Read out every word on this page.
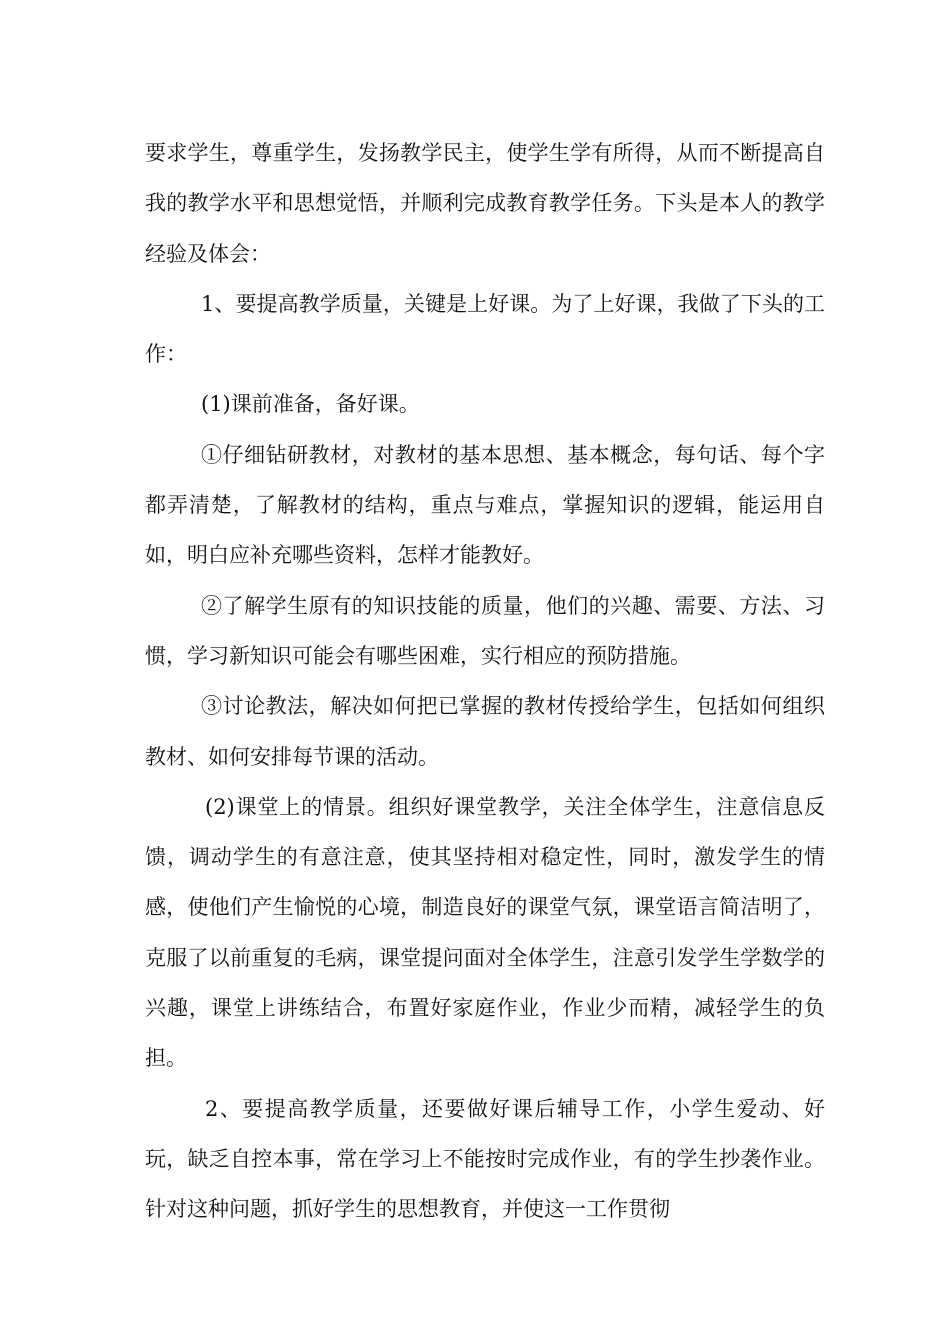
要求学生，尊重学生，发扬教学民主，使学生学有所得，从而不断提高自我的教学水平和思想觉悟，并顺利完成教育教学任务。下头是本人的教学经验及体会：

1、要提高教学质量，关键是上好课。为了上好课，我做了下头的工作：

(1)课前准备，备好课。

①仔细钻研教材，对教材的基本思想、基本概念，每句话、每个字都弄清楚，了解教材的结构，重点与难点，掌握知识的逻辑，能运用自如，明白应补充哪些资料，怎样才能教好。

②了解学生原有的知识技能的质量，他们的兴趣、需要、方法、习惯，学习新知识可能会有哪些困难，实行相应的预防措施。

③讨论教法，解决如何把已掌握的教材传授给学生，包括如何组织教材、如何安排每节课的活动。

(2)课堂上的情景。组织好课堂教学，关注全体学生，注意信息反馈，调动学生的有意注意，使其坚持相对稳定性，同时，激发学生的情感，使他们产生愉悦的心境，制造良好的课堂气氛，课堂语言简洁明了，克服了以前重复的毛病，课堂提问面对全体学生，注意引发学生学数学的兴趣，课堂上讲练结合，布置好家庭作业，作业少而精，减轻学生的负担。

2、要提高教学质量，还要做好课后辅导工作，小学生爱动、好玩，缺乏自控本事，常在学习上不能按时完成作业，有的学生抄袭作业。针对这种问题，抓好学生的思想教育，并使这一工作贯彻
